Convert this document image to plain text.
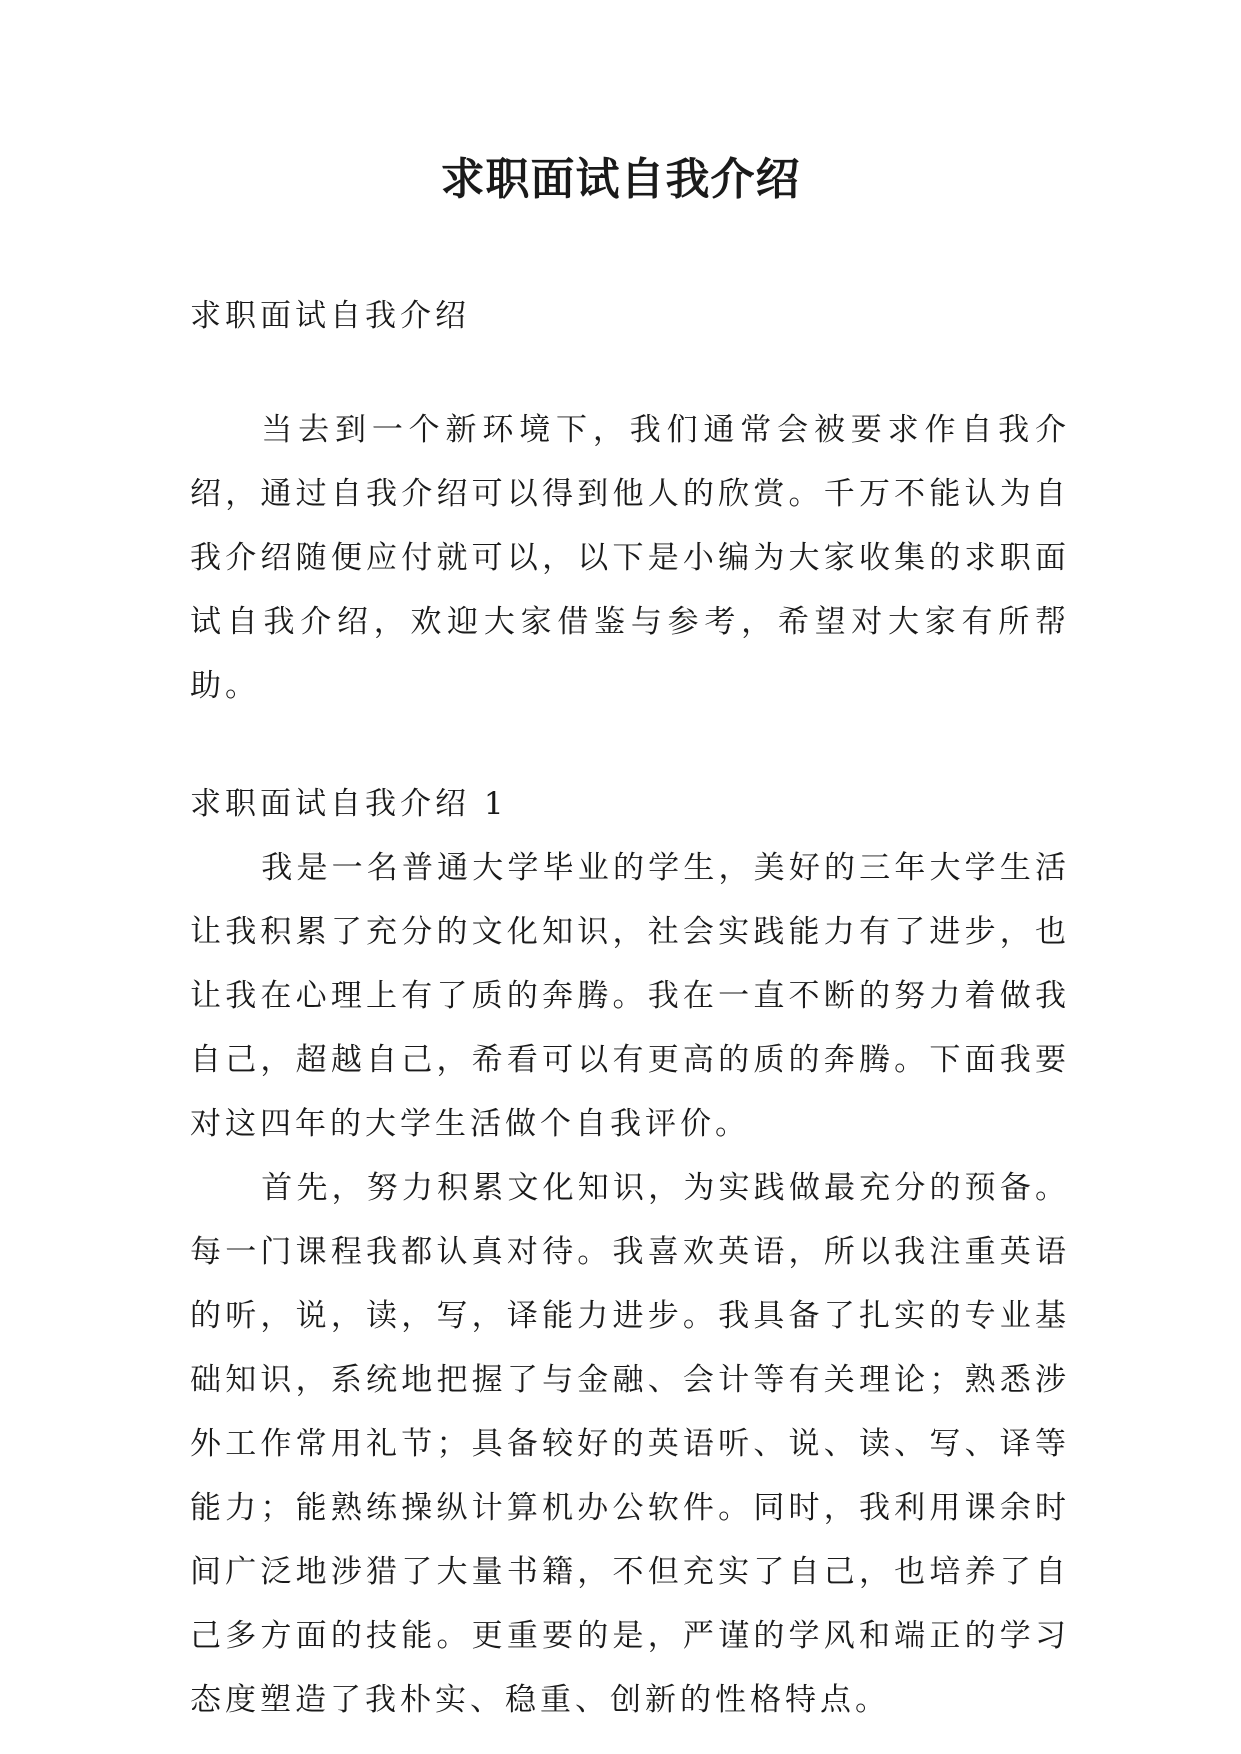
求职面试自我介绍

求职面试自我介绍

当去到一个新环境下，我们通常会被要求作自我介绍，通过自我介绍可以得到他人的欣赏。千万不能认为自我介绍随便应付就可以，以下是小编为大家收集的求职面试自我介绍，欢迎大家借鉴与参考，希望对大家有所帮助。

求职面试自我介绍 1

我是一名普通大学毕业的学生，美好的三年大学生活让我积累了充分的文化知识，社会实践能力有了进步，也让我在心理上有了质的奔腾。我在一直不断的努力着做我自己，超越自己，希看可以有更高的质的奔腾。下面我要对这四年的大学生活做个自我评价。

首先，努力积累文化知识，为实践做最充分的预备。每一门课程我都认真对待。我喜欢英语，所以我注重英语的听，说，读，写，译能力进步。我具备了扎实的专业基础知识，系统地把握了与金融、会计等有关理论；熟悉涉外工作常用礼节；具备较好的英语听、说、读、写、译等能力；能熟练操纵计算机办公软件。同时，我利用课余时间广泛地涉猎了大量书籍，不但充实了自己，也培养了自己多方面的技能。更重要的是，严谨的学风和端正的学习态度塑造了我朴实、稳重、创新的性格特点。
